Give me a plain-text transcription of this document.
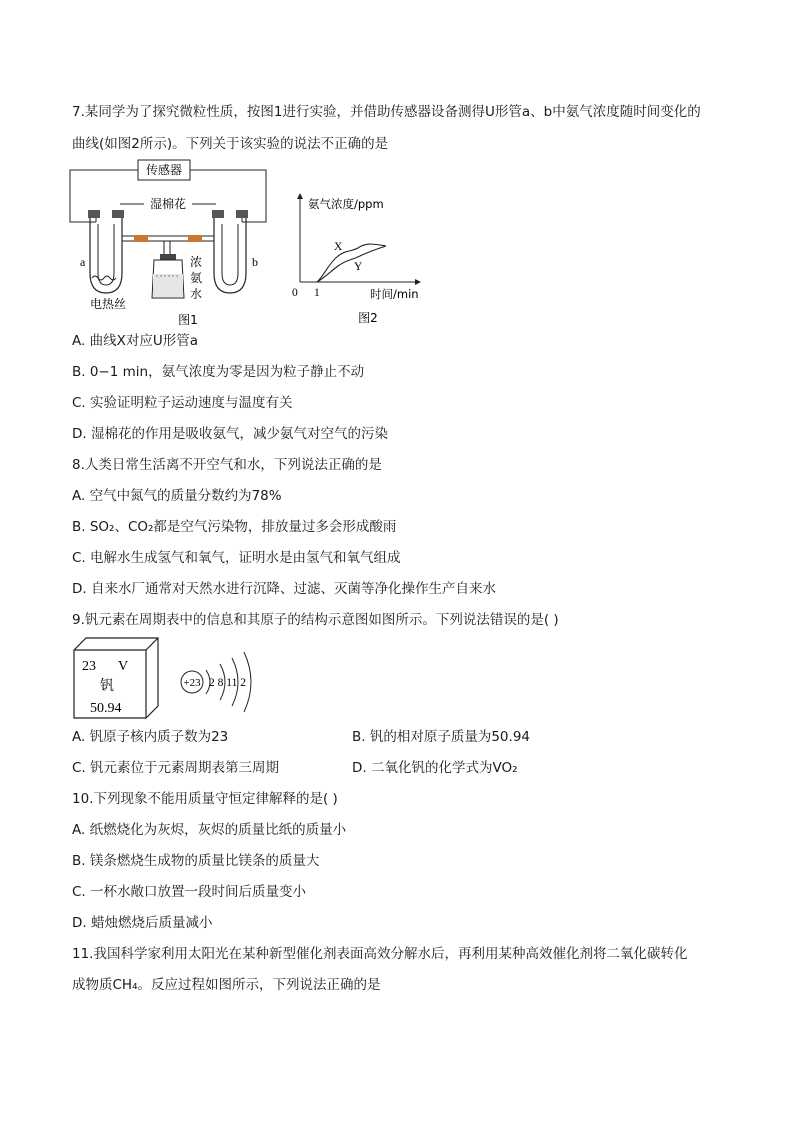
7.某同学为了探究微粒性质，按图1进行实验，并借助传感器设备测得U形管a、b中氨气浓度随时间变化的
曲线(如图2所示)。下列关于该实验的说法不正确的是
传感器
湿棉花
a	b
电热丝
浓
氨
水
图1
氨气浓度/ppm
时间/min
0 1
X
Y
图2
A. 曲线X对应U形管a
B. 0−1 min，氨气浓度为零是因为粒子静止不动
C. 实验证明粒子运动速度与温度有关
D. 湿棉花的作用是吸收氨气，减少氨气对空气的污染
8.人类日常生活离不开空气和水，下列说法正确的是
A. 空气中氮气的质量分数约为78%
B. SO₂、CO₂都是空气污染物，排放量过多会形成酸雨
C. 电解水生成氢气和氧气，证明水是由氢气和氧气组成
D. 自来水厂通常对天然水进行沉降、过滤、灭菌等净化操作生产自来水
9.钒元素在周期表中的信息和其原子的结构示意图如图所示。下列说法错误的是( )
23 V
钒
50.94
+23 2 8 11 2
A. 钒原子核内质子数为23	B. 钒的相对原子质量为50.94
C. 钒元素位于元素周期表第三周期	D. 二氧化钒的化学式为VO₂
10.下列现象不能用质量守恒定律解释的是( )
A. 纸燃烧化为灰烬，灰烬的质量比纸的质量小
B. 镁条燃烧生成物的质量比镁条的质量大
C. 一杯水敞口放置一段时间后质量变小
D. 蜡烛燃烧后质量减小
11.我国科学家利用太阳光在某种新型催化剂表面高效分解水后，再利用某种高效催化剂将二氧化碳转化
成物质CH₄。反应过程如图所示，下列说法正确的是
